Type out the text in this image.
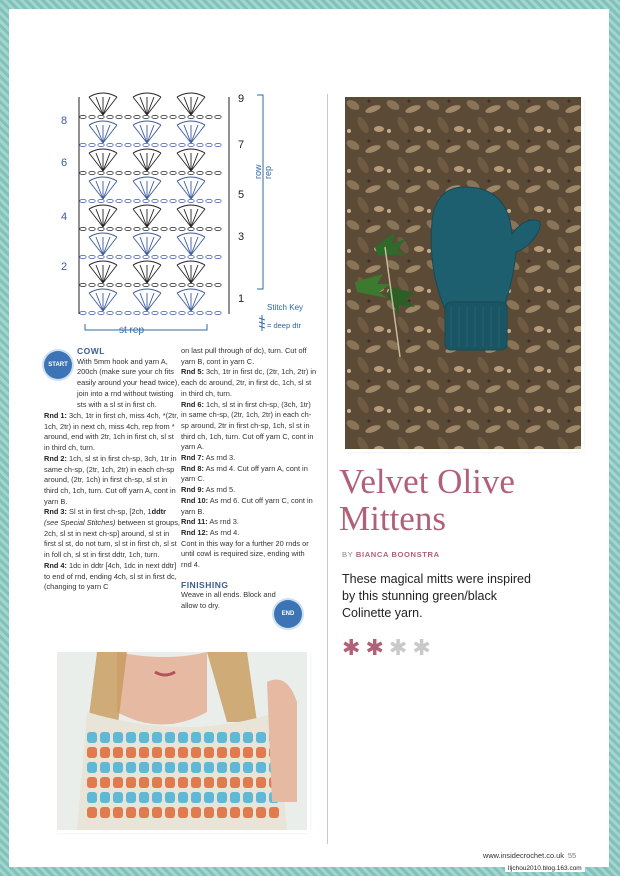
9
7
5
3
1
8
6
4
2
row rep
st rep
Stitch Key
= deep dtr
START

COWL

With 5mm hook and yarn A, 200ch (make sure your ch fits easily around your head twice), join into a rnd without twisting sts with a sl st in first ch.

Rnd 1: 3ch, 1tr in first ch, miss 4ch, *(2tr, 1ch, 2tr) in next ch, miss 4ch, rep from * around, end with 2tr, 1ch in first ch, sl st in third ch, turn.

Rnd 2: 1ch, sl st in first ch-sp, 3ch, 1tr in same ch-sp, (2tr, 1ch, 2tr) in each ch-sp around, (2tr, 1ch) in first ch-sp, sl st in third ch, 1ch, turn. Cut off yarn A, cont in yarn B.

Rnd 3: Sl st in first ch-sp, [2ch, 1ddtr (see Special Stitches) between st groups, 2ch, sl st in next ch-sp] around, sl st in first sl st, do not turn, sl st in first ch, sl st in foll ch, sl st in first ddtr, 1ch, turn.

Rnd 4: 1dc in ddtr [4ch, 1dc in next ddtr] to end of rnd, ending 4ch, sl st in first dc, (changing to yarn C

on last pull through of dc), turn. Cut off yarn B, cont in yarn C.

Rnd 5: 3ch, 1tr in first dc, (2tr, 1ch, 2tr) in each dc around, 2tr, in first dc, 1ch, sl st in third ch, turn.

Rnd 6: 1ch, sl st in first ch-sp, (3ch, 1tr) in same ch-sp, (2tr, 1ch, 2tr) in each ch-sp around, 2tr in first ch-sp, 1ch, sl st in third ch, 1ch, turn. Cut off yarn C, cont in yarn A.

Rnd 7: As rnd 3.

Rnd 8: As rnd 4. Cut off yarn A, cont in yarn C.

Rnd 9: As rnd 5.

Rnd 10: As rnd 6. Cut off yarn C, cont in yarn B.

Rnd 11: As rnd 3.

Rnd 12: As rnd 4.

Cont in this way for a further 20 rnds or until cowl is required size, ending with rnd 4.

FINISHING

Weave in all ends. Block and allow to dry.

END
Velvet Olive
Mittens
BY BIANCA BOONSTRA
These magical mitts were inspired by this stunning green/black Colinette yarn.
✱ ✱ ✱ ✱
www.insidecrochet.co.uk 55
lljchou2010.blog.163.com
